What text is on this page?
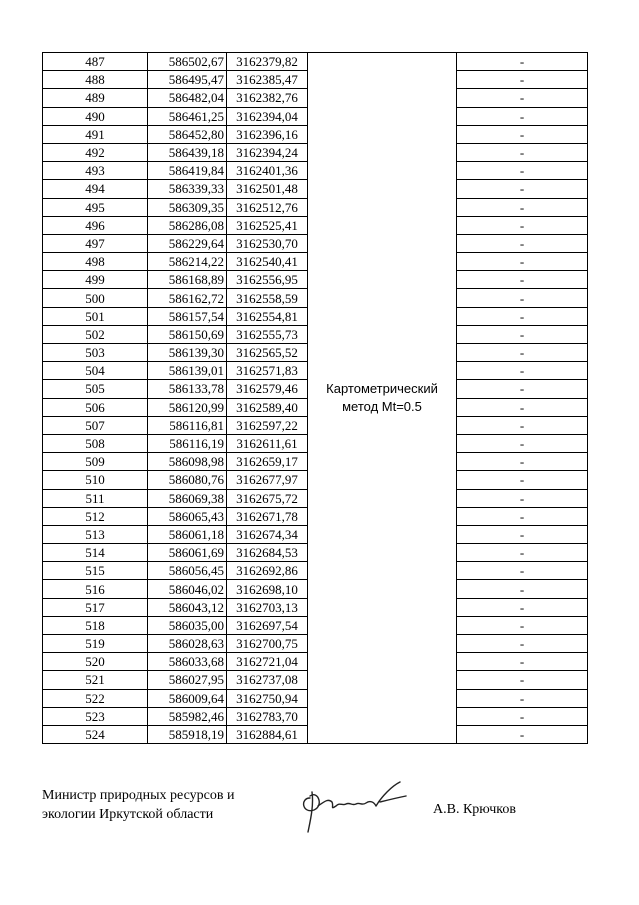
487	586502,67	3162379,82	Картометрический метод Mt=0.5	-
488	586495,47	3162385,47		-
489	586482,04	3162382,76		-
490	586461,25	3162394,04		-
491	586452,80	3162396,16		-
492	586439,18	3162394,24		-
493	586419,84	3162401,36		-
494	586339,33	3162501,48		-
495	586309,35	3162512,76		-
496	586286,08	3162525,41		-
497	586229,64	3162530,70		-
498	586214,22	3162540,41		-
499	586168,89	3162556,95		-
500	586162,72	3162558,59		-
501	586157,54	3162554,81		-
502	586150,69	3162555,73		-
503	586139,30	3162565,52		-
504	586139,01	3162571,83		-
505	586133,78	3162579,46		-
506	586120,99	3162589,40		-
507	586116,81	3162597,22		-
508	586116,19	3162611,61		-
509	586098,98	3162659,17		-
510	586080,76	3162677,97		-
511	586069,38	3162675,72		-
512	586065,43	3162671,78		-
513	586061,18	3162674,34		-
514	586061,69	3162684,53		-
515	586056,45	3162692,86		-
516	586046,02	3162698,10		-
517	586043,12	3162703,13		-
518	586035,00	3162697,54		-
519	586028,63	3162700,75		-
520	586033,68	3162721,04		-
521	586027,95	3162737,08		-
522	586009,64	3162750,94		-
523	585982,46	3162783,70		-
524	585918,19	3162884,61		-
Министр природных ресурсов и
экологии Иркутской области	А.В. Крючков
